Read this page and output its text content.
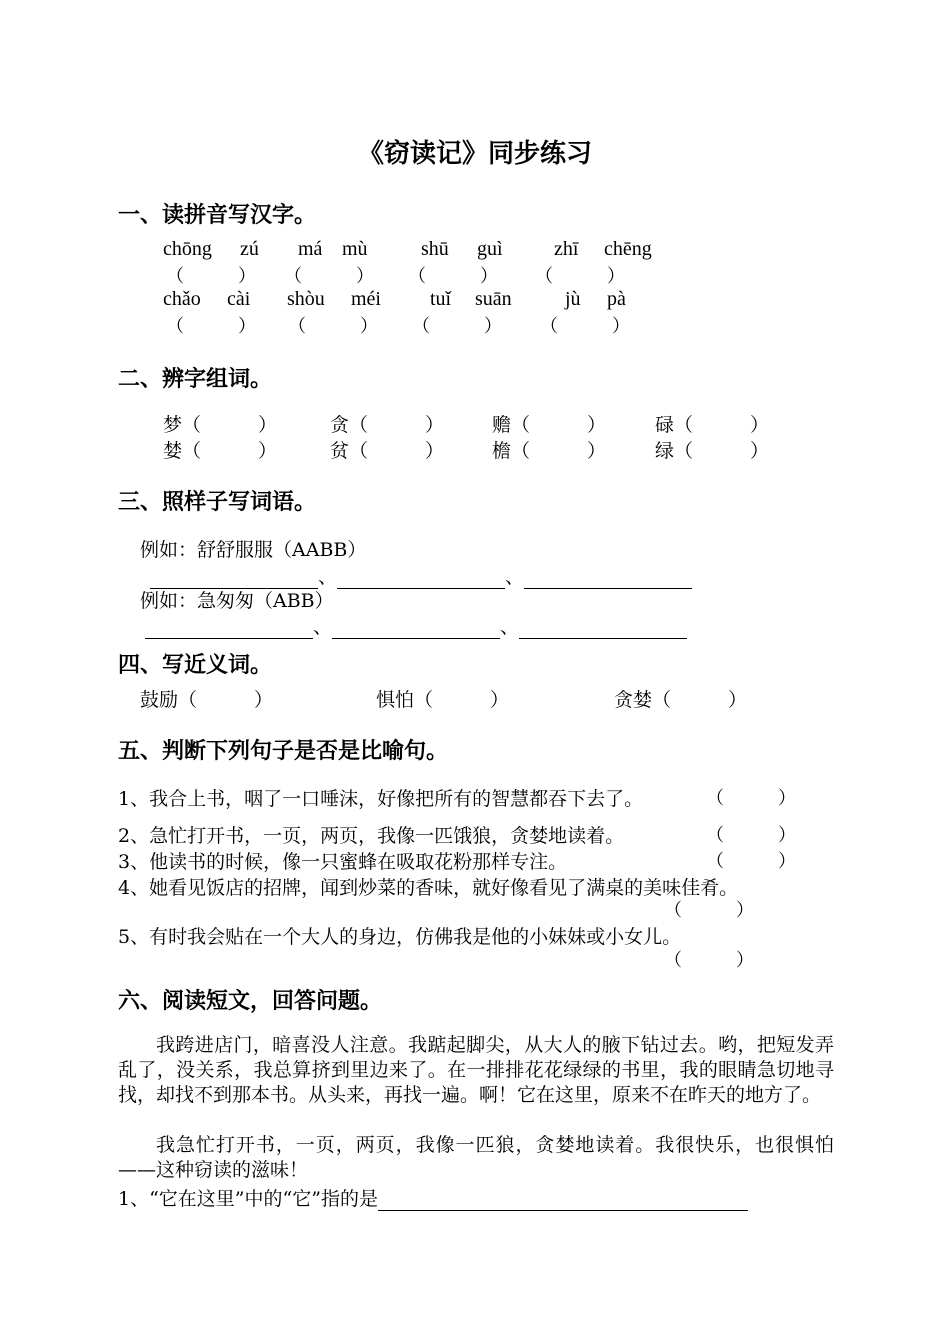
《窃读记》同步练习
一、读拼音写汉字。
chōng zú má mù	shū guì	zhī chēng
（　　　） （　　　） （　　　） （　　　）
chǎo cài shòu méi tuǐ suān	jù pà
（　　　） （　　　） （　　　） （　　　）
二、辨字组词。
梦（　　　）	贪（　　　）	赡（　　　）	碌（　　　）
婪（　　　）	贫（　　　）	檐（　　　）	绿（　　　）
三、照样子写词语。
例如：舒舒服服（AABB）
、	、
例如：急匆匆（ABB）
、	、
四、写近义词。
鼓励（　　　）	惧怕（　　　）	贪婪（　　　）
五、判断下列句子是否是比喻句。
1、我合上书，咽了一口唾沫，好像把所有的智慧都吞下去了。	（　　　）
2、急忙打开书，一页，两页，我像一匹饿狼，贪婪地读着。	（　　　）
3、他读书的时候，像一只蜜蜂在吸取花粉那样专注。	（　　　）
4、她看见饭店的招牌，闻到炒菜的香味，就好像看见了满桌的美味佳肴。
（　　　）
5、有时我会贴在一个大人的身边，仿佛我是他的小妹妹或小女儿。
（　　　）
六、阅读短文，回答问题。
我跨进店门，暗喜没人注意。我踮起脚尖，从大人的腋下钻过去。哟，把短发弄乱了，没关系，我总算挤到里边来了。在一排排花花绿绿的书里，我的眼睛急切地寻找，却找不到那本书。从头来，再找一遍。啊！它在这里，原来不在昨天的地方了。
我急忙打开书，一页，两页，我像一匹狼，贪婪地读着。我很快乐，也很惧怕——这种窃读的滋味！
1、“它在这里”中的“它”指的是
